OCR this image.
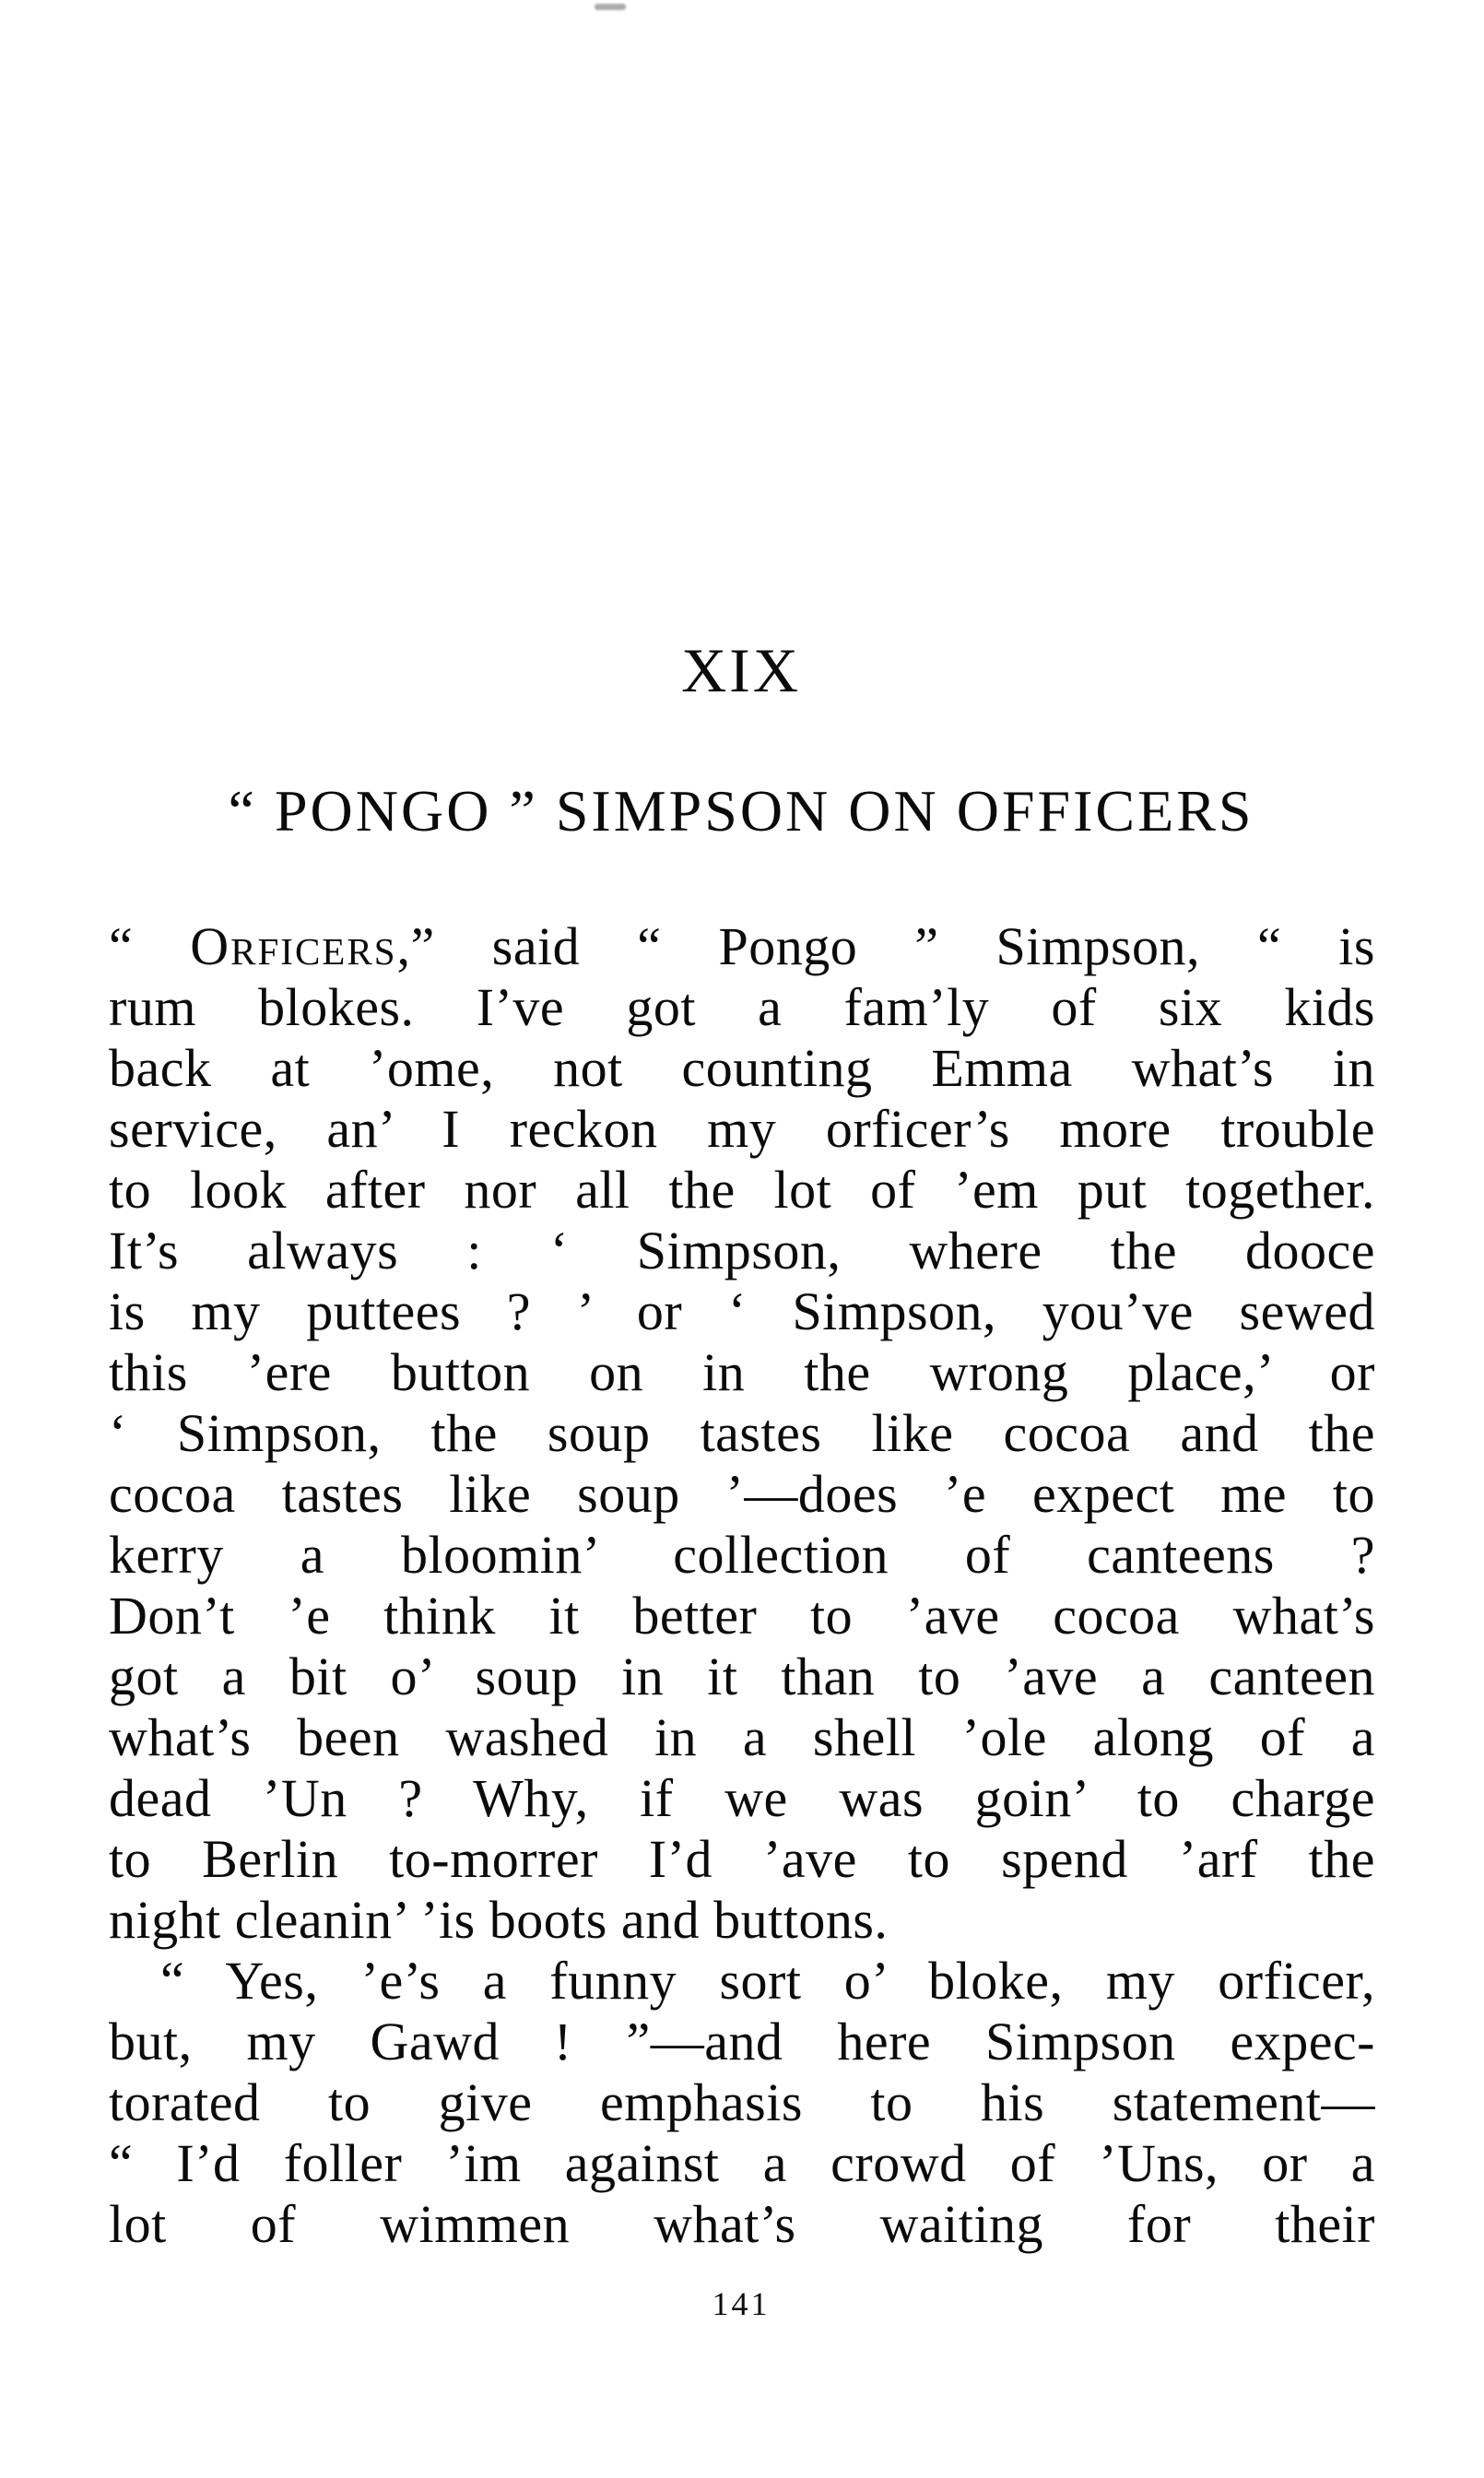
XIX
“ PONGO ” SIMPSON ON OFFICERS
“ Orficers,” said “ Pongo ” Simpson, “ is
rum blokes. I’ve got a fam’ly of six kids
back at ’ome, not counting Emma what’s in
service, an’ I reckon my orficer’s more trouble
to look after nor all the lot of ’em put together.
It’s always : ‘ Simpson, where the dooce
is my puttees ? ’ or ‘ Simpson, you’ve sewed
this ’ere button on in the wrong place,’ or
‘ Simpson, the soup tastes like cocoa and the
cocoa tastes like soup ’—does ’e expect me to
kerry a bloomin’ collection of canteens ?
Don’t ’e think it better to ’ave cocoa what’s
got a bit o’ soup in it than to ’ave a canteen
what’s been washed in a shell ’ole along of a
dead ’Un ? Why, if we was goin’ to charge
to Berlin to-morrer I’d ’ave to spend ’arf the
night cleanin’ ’is boots and buttons.
“ Yes, ’e’s a funny sort o’ bloke, my orficer,
but, my Gawd ! ”—and here Simpson expec-
torated to give emphasis to his statement—
“ I’d foller ’im against a crowd of ’Uns, or a
lot of wimmen what’s waiting for their
141
